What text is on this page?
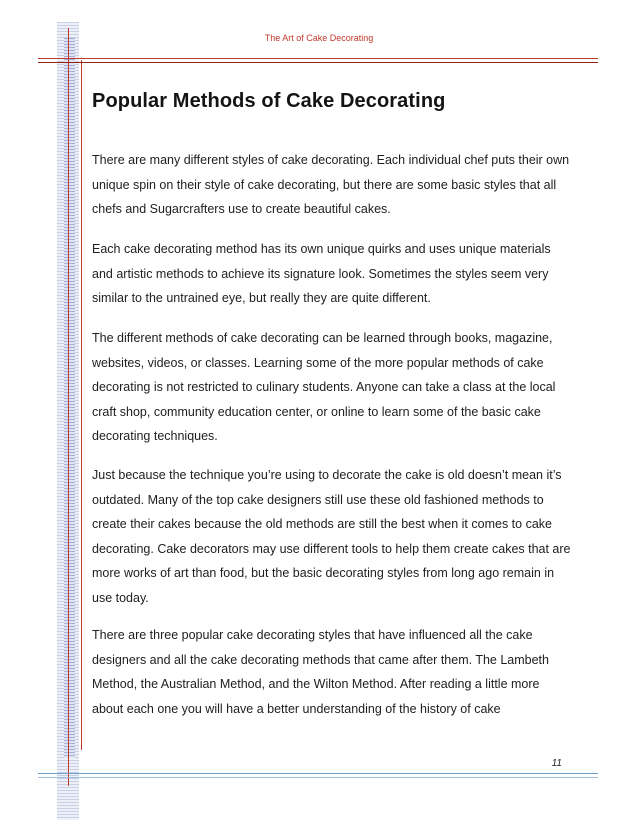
The Art of Cake Decorating
Popular Methods of Cake Decorating

There are many different styles of cake decorating. Each individual chef puts their own unique spin on their style of cake decorating, but there are some basic styles that all chefs and Sugarcrafters use to create beautiful cakes.

Each cake decorating method has its own unique quirks and uses unique materials and artistic methods to achieve its signature look. Sometimes the styles seem very similar to the untrained eye, but really they are quite different.

The different methods of cake decorating can be learned through books, magazine, websites, videos, or classes. Learning some of the more popular methods of cake decorating is not restricted to culinary students. Anyone can take a class at the local craft shop, community education center, or online to learn some of the basic cake decorating techniques.

Just because the technique you’re using to decorate the cake is old doesn’t mean it’s outdated. Many of the top cake designers still use these old fashioned methods to create their cakes because the old methods are still the best when it comes to cake decorating. Cake decorators may use different tools to help them create cakes that are more works of art than food, but the basic decorating styles from long ago remain in use today.

There are three popular cake decorating styles that have influenced all the cake designers and all the cake decorating methods that came after them. The Lambeth Method, the Australian Method, and the Wilton Method. After reading a little more about each one you will have a better understanding of the history of cake

11
